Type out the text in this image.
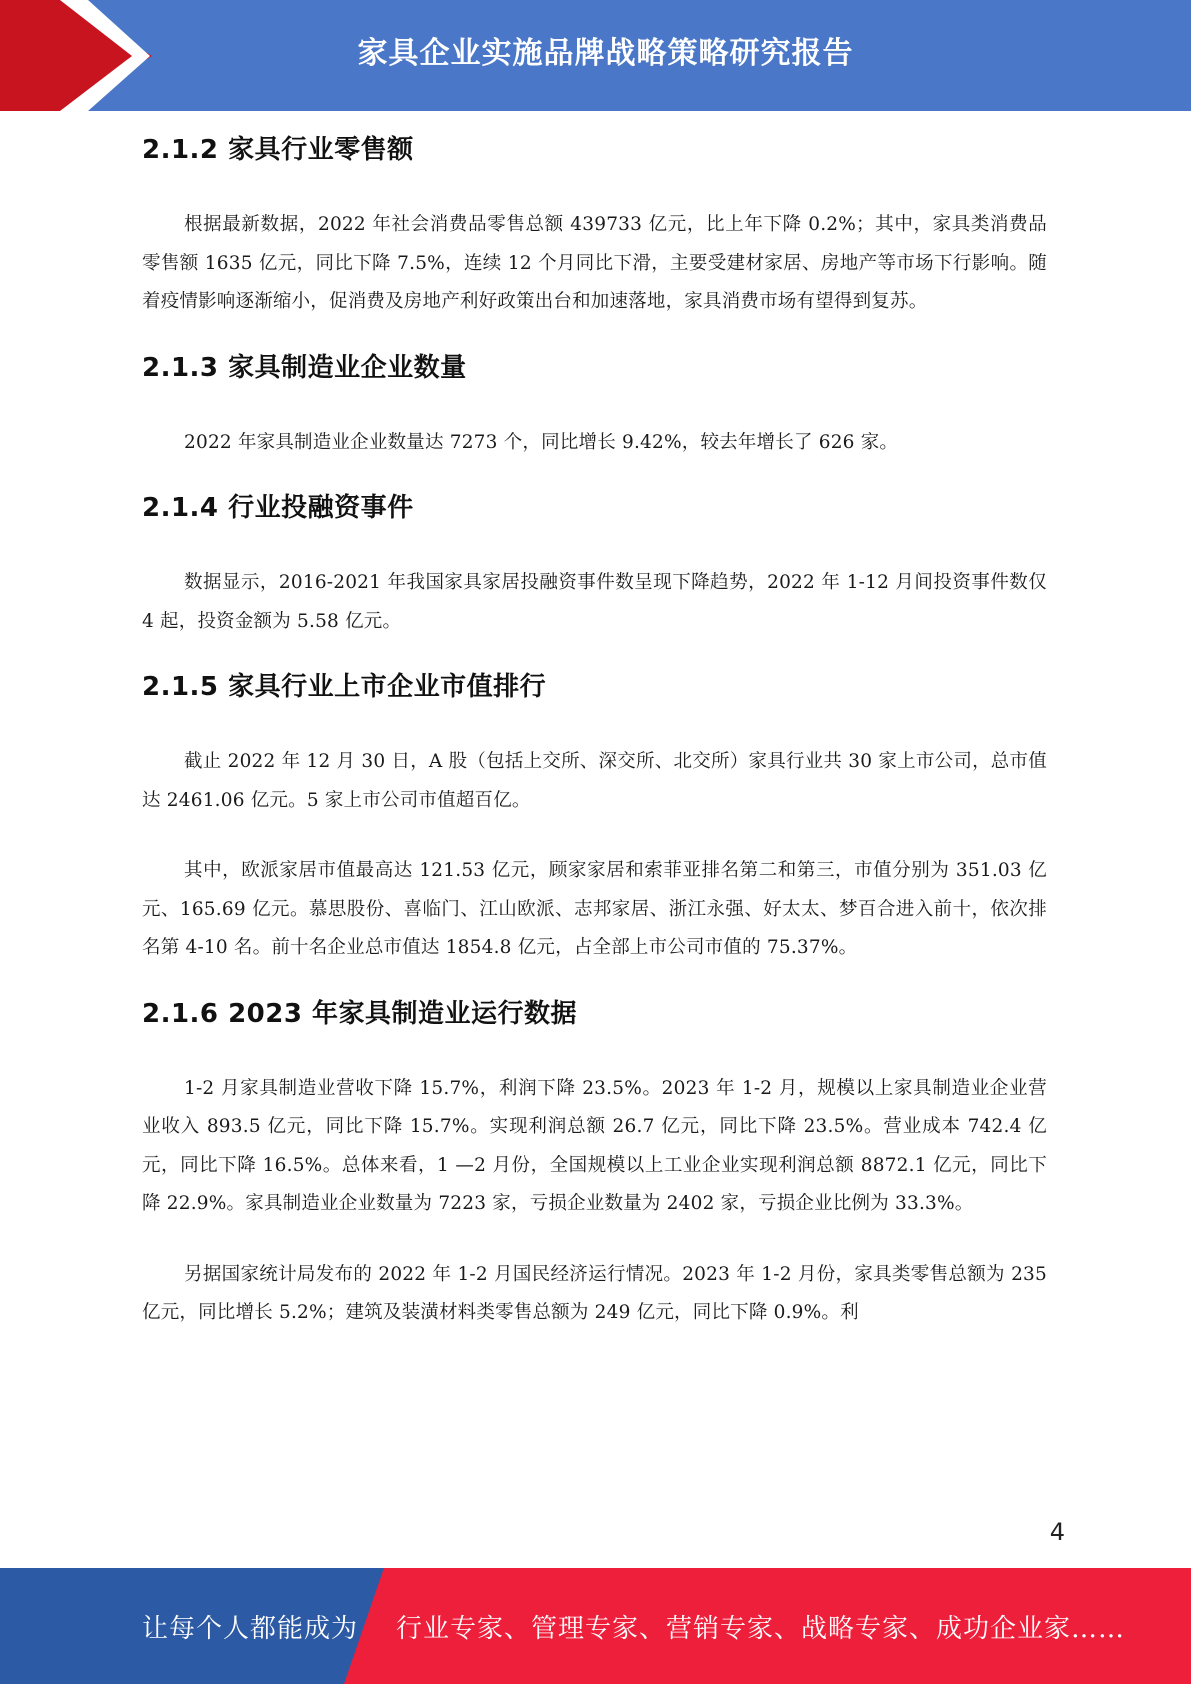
家具企业实施品牌战略策略研究报告
2.1.2 家具行业零售额

根据最新数据，2022 年社会消费品零售总额 439733 亿元，比上年下降 0.2%；其中，家具类消费品零售额 1635 亿元，同比下降 7.5%，连续 12 个月同比下滑，主要受建材家居、房地产等市场下行影响。随着疫情影响逐渐缩小，促消费及房地产利好政策出台和加速落地，家具消费市场有望得到复苏。

2.1.3 家具制造业企业数量

2022 年家具制造业企业数量达 7273 个，同比增长 9.42%，较去年增长了 626 家。

2.1.4 行业投融资事件

数据显示，2016-2021 年我国家具家居投融资事件数呈现下降趋势，2022 年 1-12 月间投资事件数仅 4 起，投资金额为 5.58 亿元。

2.1.5 家具行业上市企业市值排行

截止 2022 年 12 月 30 日，A 股（包括上交所、深交所、北交所）家具行业共 30 家上市公司，总市值达 2461.06 亿元。5 家上市公司市值超百亿。

其中，欧派家居市值最高达 121.53 亿元，顾家家居和索菲亚排名第二和第三，市值分别为 351.03 亿元、165.69 亿元。慕思股份、喜临门、江山欧派、志邦家居、浙江永强、好太太、梦百合进入前十，依次排名第 4-10 名。前十名企业总市值达 1854.8 亿元，占全部上市公司市值的 75.37%。

2.1.6 2023 年家具制造业运行数据

1-2 月家具制造业营收下降 15.7%，利润下降 23.5%。2023 年 1-2 月，规模以上家具制造业企业营业收入 893.5 亿元，同比下降 15.7%。实现利润总额 26.7 亿元，同比下降 23.5%。营业成本 742.4 亿元，同比下降 16.5%。总体来看，1 —2 月份，全国规模以上工业企业实现利润总额 8872.1 亿元，同比下降 22.9%。家具制造业企业数量为 7223 家，亏损企业数量为 2402 家，亏损企业比例为 33.3%。

另据国家统计局发布的 2022 年 1-2 月国民经济运行情况。2023 年 1-2 月份，家具类零售总额为 235 亿元，同比增长 5.2%；建筑及装潢材料类零售总额为 249 亿元，同比下降 0.9%。利

4
让每个人都能成为 行业专家、管理专家、营销专家、战略专家、成功企业家……
